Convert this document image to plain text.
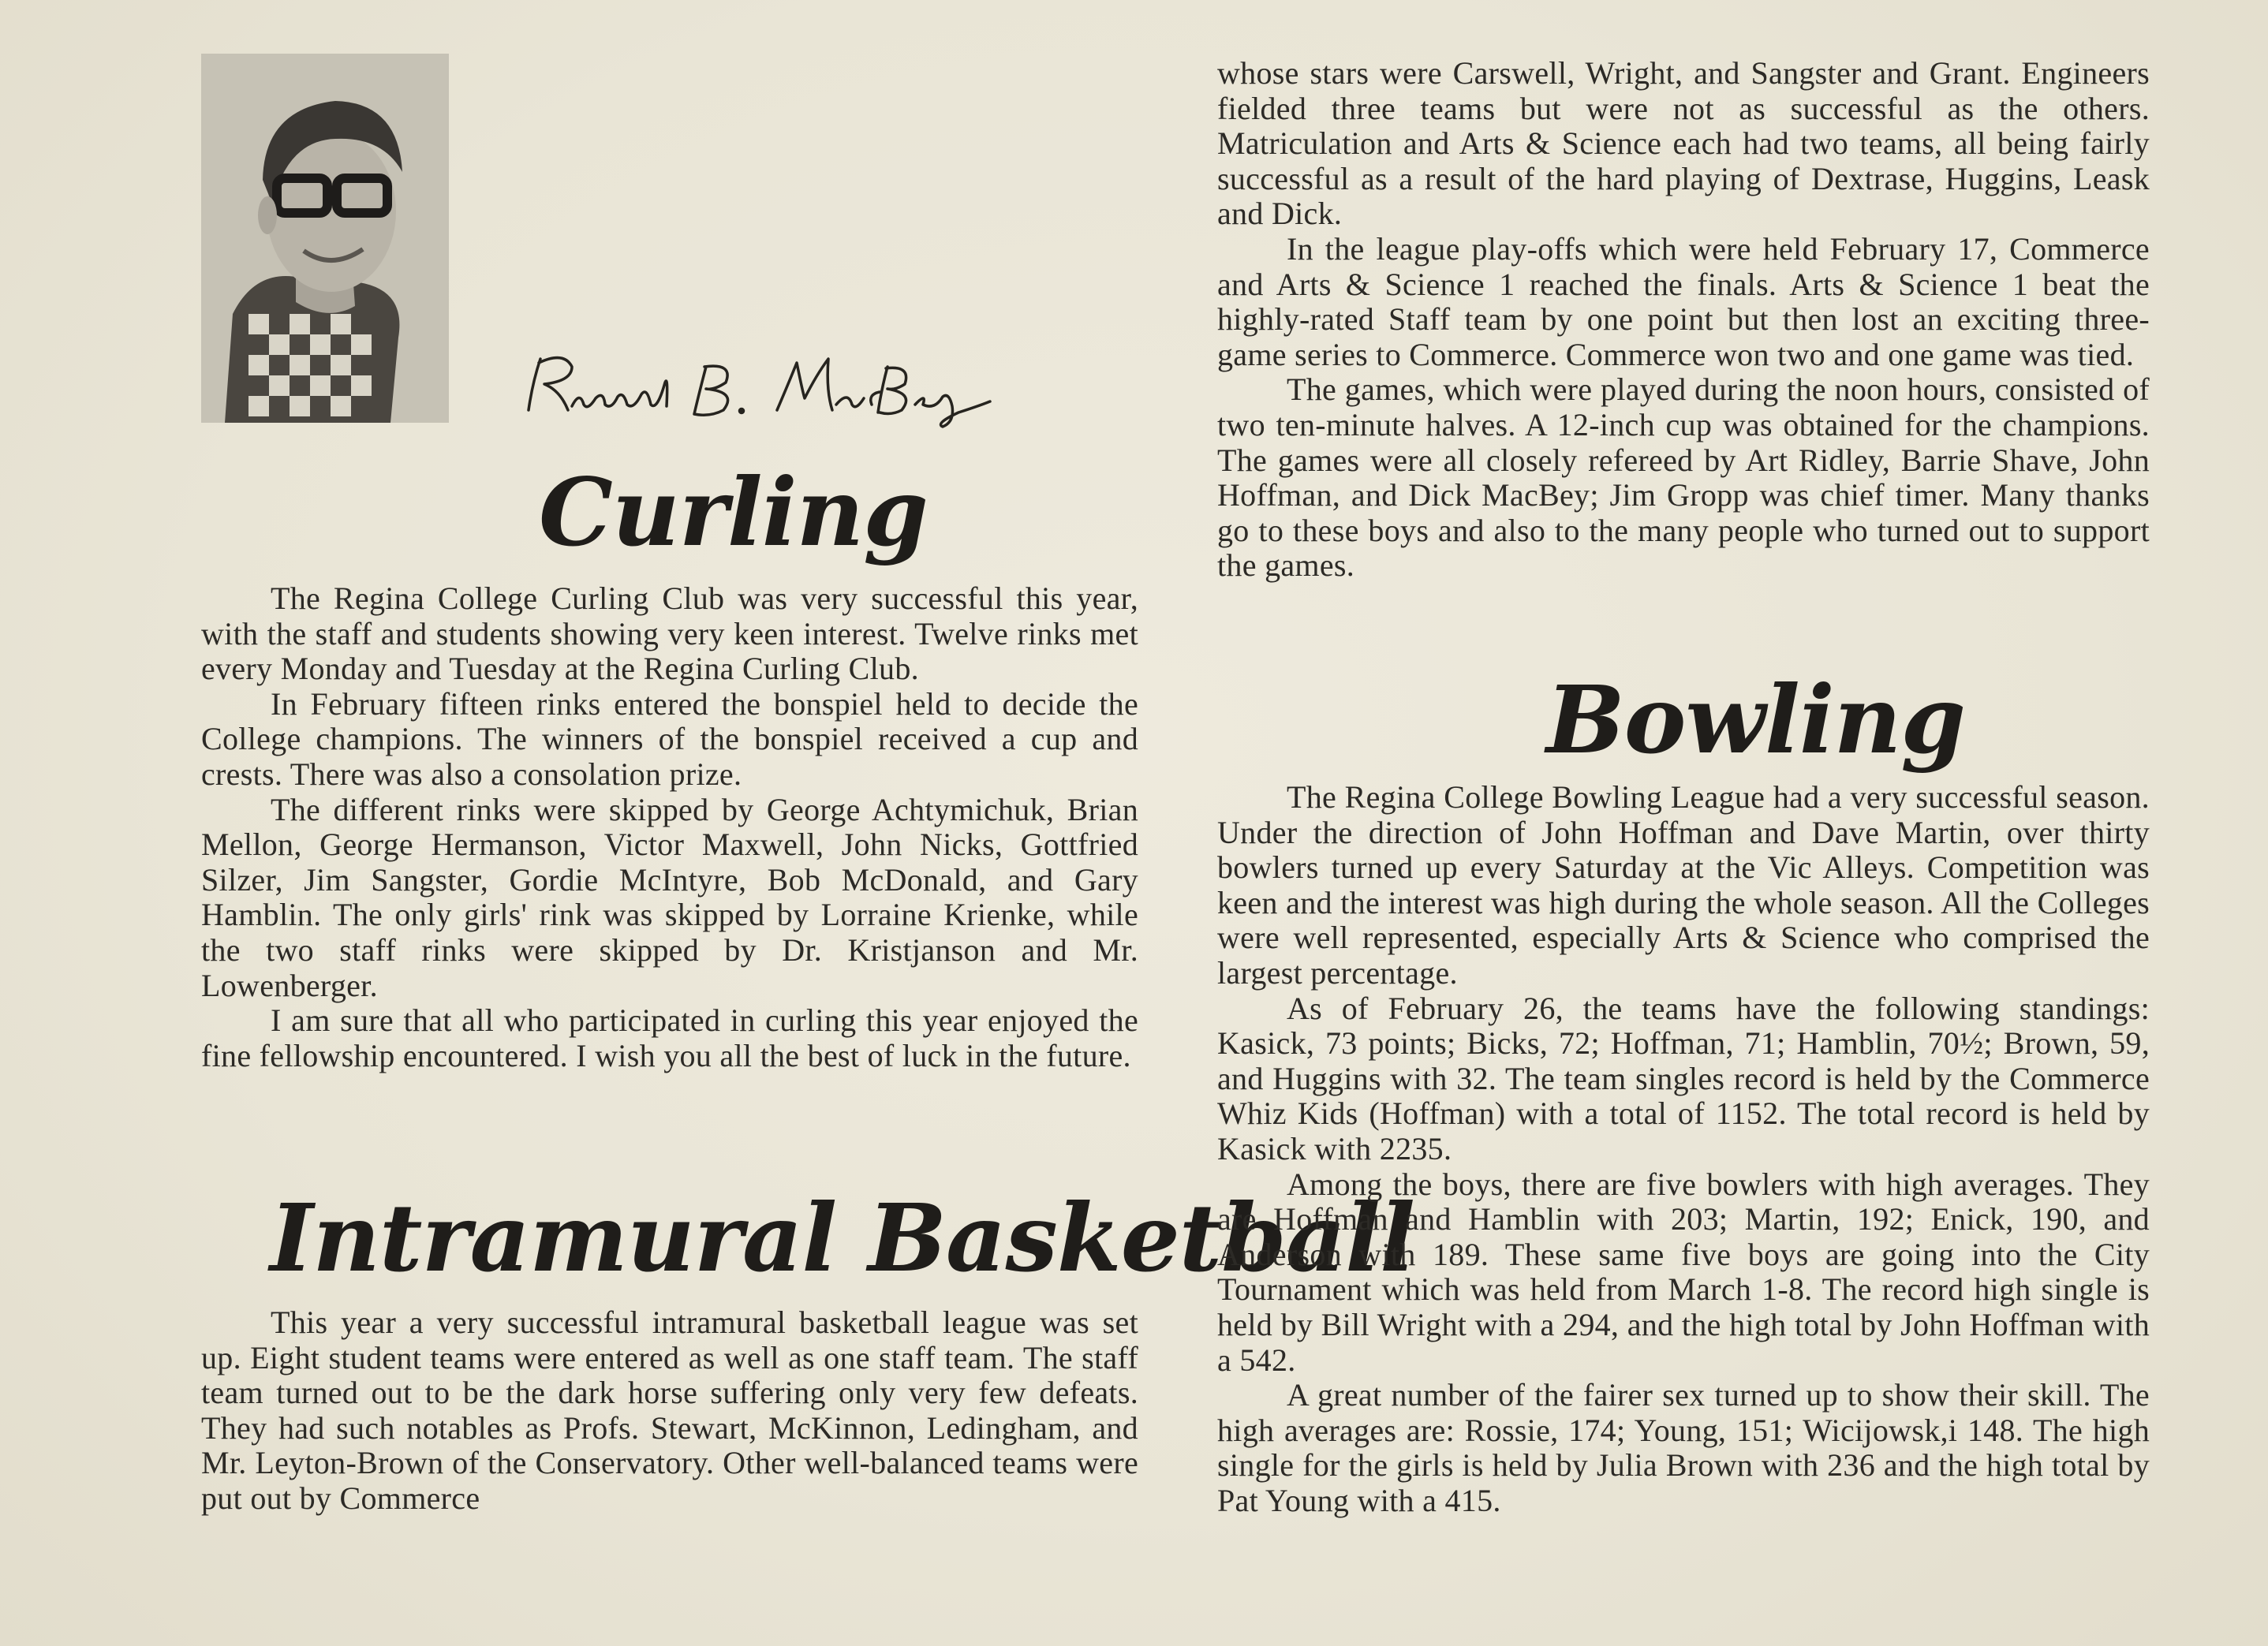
Curling

The Regina College Curling Club was very successful this year, with the staff and students showing very keen interest. Twelve rinks met every Monday and Tuesday at the Regina Curling Club.

In February fifteen rinks entered the bonspiel held to decide the College champions. The winners of the bonspiel received a cup and crests. There was also a consolation prize.

The different rinks were skipped by George Achtymichuk, Brian Mellon, George Hermanson, Victor Maxwell, John Nicks, Gottfried Silzer, Jim Sangster, Gordie McIntyre, Bob McDonald, and Gary Hamblin. The only girls' rink was skipped by Lorraine Krienke, while the two staff rinks were skipped by Dr. Kristjanson and Mr. Lowenberger.

I am sure that all who participated in curling this year enjoyed the fine fellowship encountered. I wish you all the best of luck in the future.

Intramural Basketball

This year a very successful intramural basketball league was set up. Eight student teams were entered as well as one staff team. The staff team turned out to be the dark horse suffering only very few defeats. They had such notables as Profs. Stewart, McKinnon, Ledingham, and Mr. Leyton-Brown of the Conservatory. Other well-balanced teams were put out by Commerce

whose stars were Carswell, Wright, and Sangster and Grant. Engineers fielded three teams but were not as successful as the others. Matriculation and Arts & Science each had two teams, all being fairly successful as a result of the hard playing of Dextrase, Huggins, Leask and Dick.

In the league play-offs which were held February 17, Commerce and Arts & Science 1 reached the finals. Arts & Science 1 beat the highly-rated Staff team by one point but then lost an exciting three-game series to Commerce. Commerce won two and one game was tied.

The games, which were played during the noon hours, consisted of two ten-minute halves. A 12-inch cup was obtained for the champions. The games were all closely refereed by Art Ridley, Barrie Shave, John Hoffman, and Dick MacBey; Jim Gropp was chief timer. Many thanks go to these boys and also to the many people who turned out to support the games.

Bowling

The Regina College Bowling League had a very successful season. Under the direction of John Hoffman and Dave Martin, over thirty bowlers turned up every Saturday at the Vic Alleys. Competition was keen and the interest was high during the whole season. All the Colleges were well represented, especially Arts & Science who comprised the largest percentage.

As of February 26, the teams have the following standings: Kasick, 73 points; Bicks, 72; Hoffman, 71; Hamblin, 70½; Brown, 59, and Huggins with 32. The team singles record is held by the Commerce Whiz Kids (Hoffman) with a total of 1152. The total record is held by Kasick with 2235.

Among the boys, there are five bowlers with high averages. They are Hoffman and Hamblin with 203; Martin, 192; Enick, 190, and Anderson with 189. These same five boys are going into the City Tournament which was held from March 1-8. The record high single is held by Bill Wright with a 294, and the high total by John Hoffman with a 542.

A great number of the fairer sex turned up to show their skill. The high averages are: Rossie, 174; Young, 151; Wicijowsk,i 148. The high single for the girls is held by Julia Brown with 236 and the high total by Pat Young with a 415.
